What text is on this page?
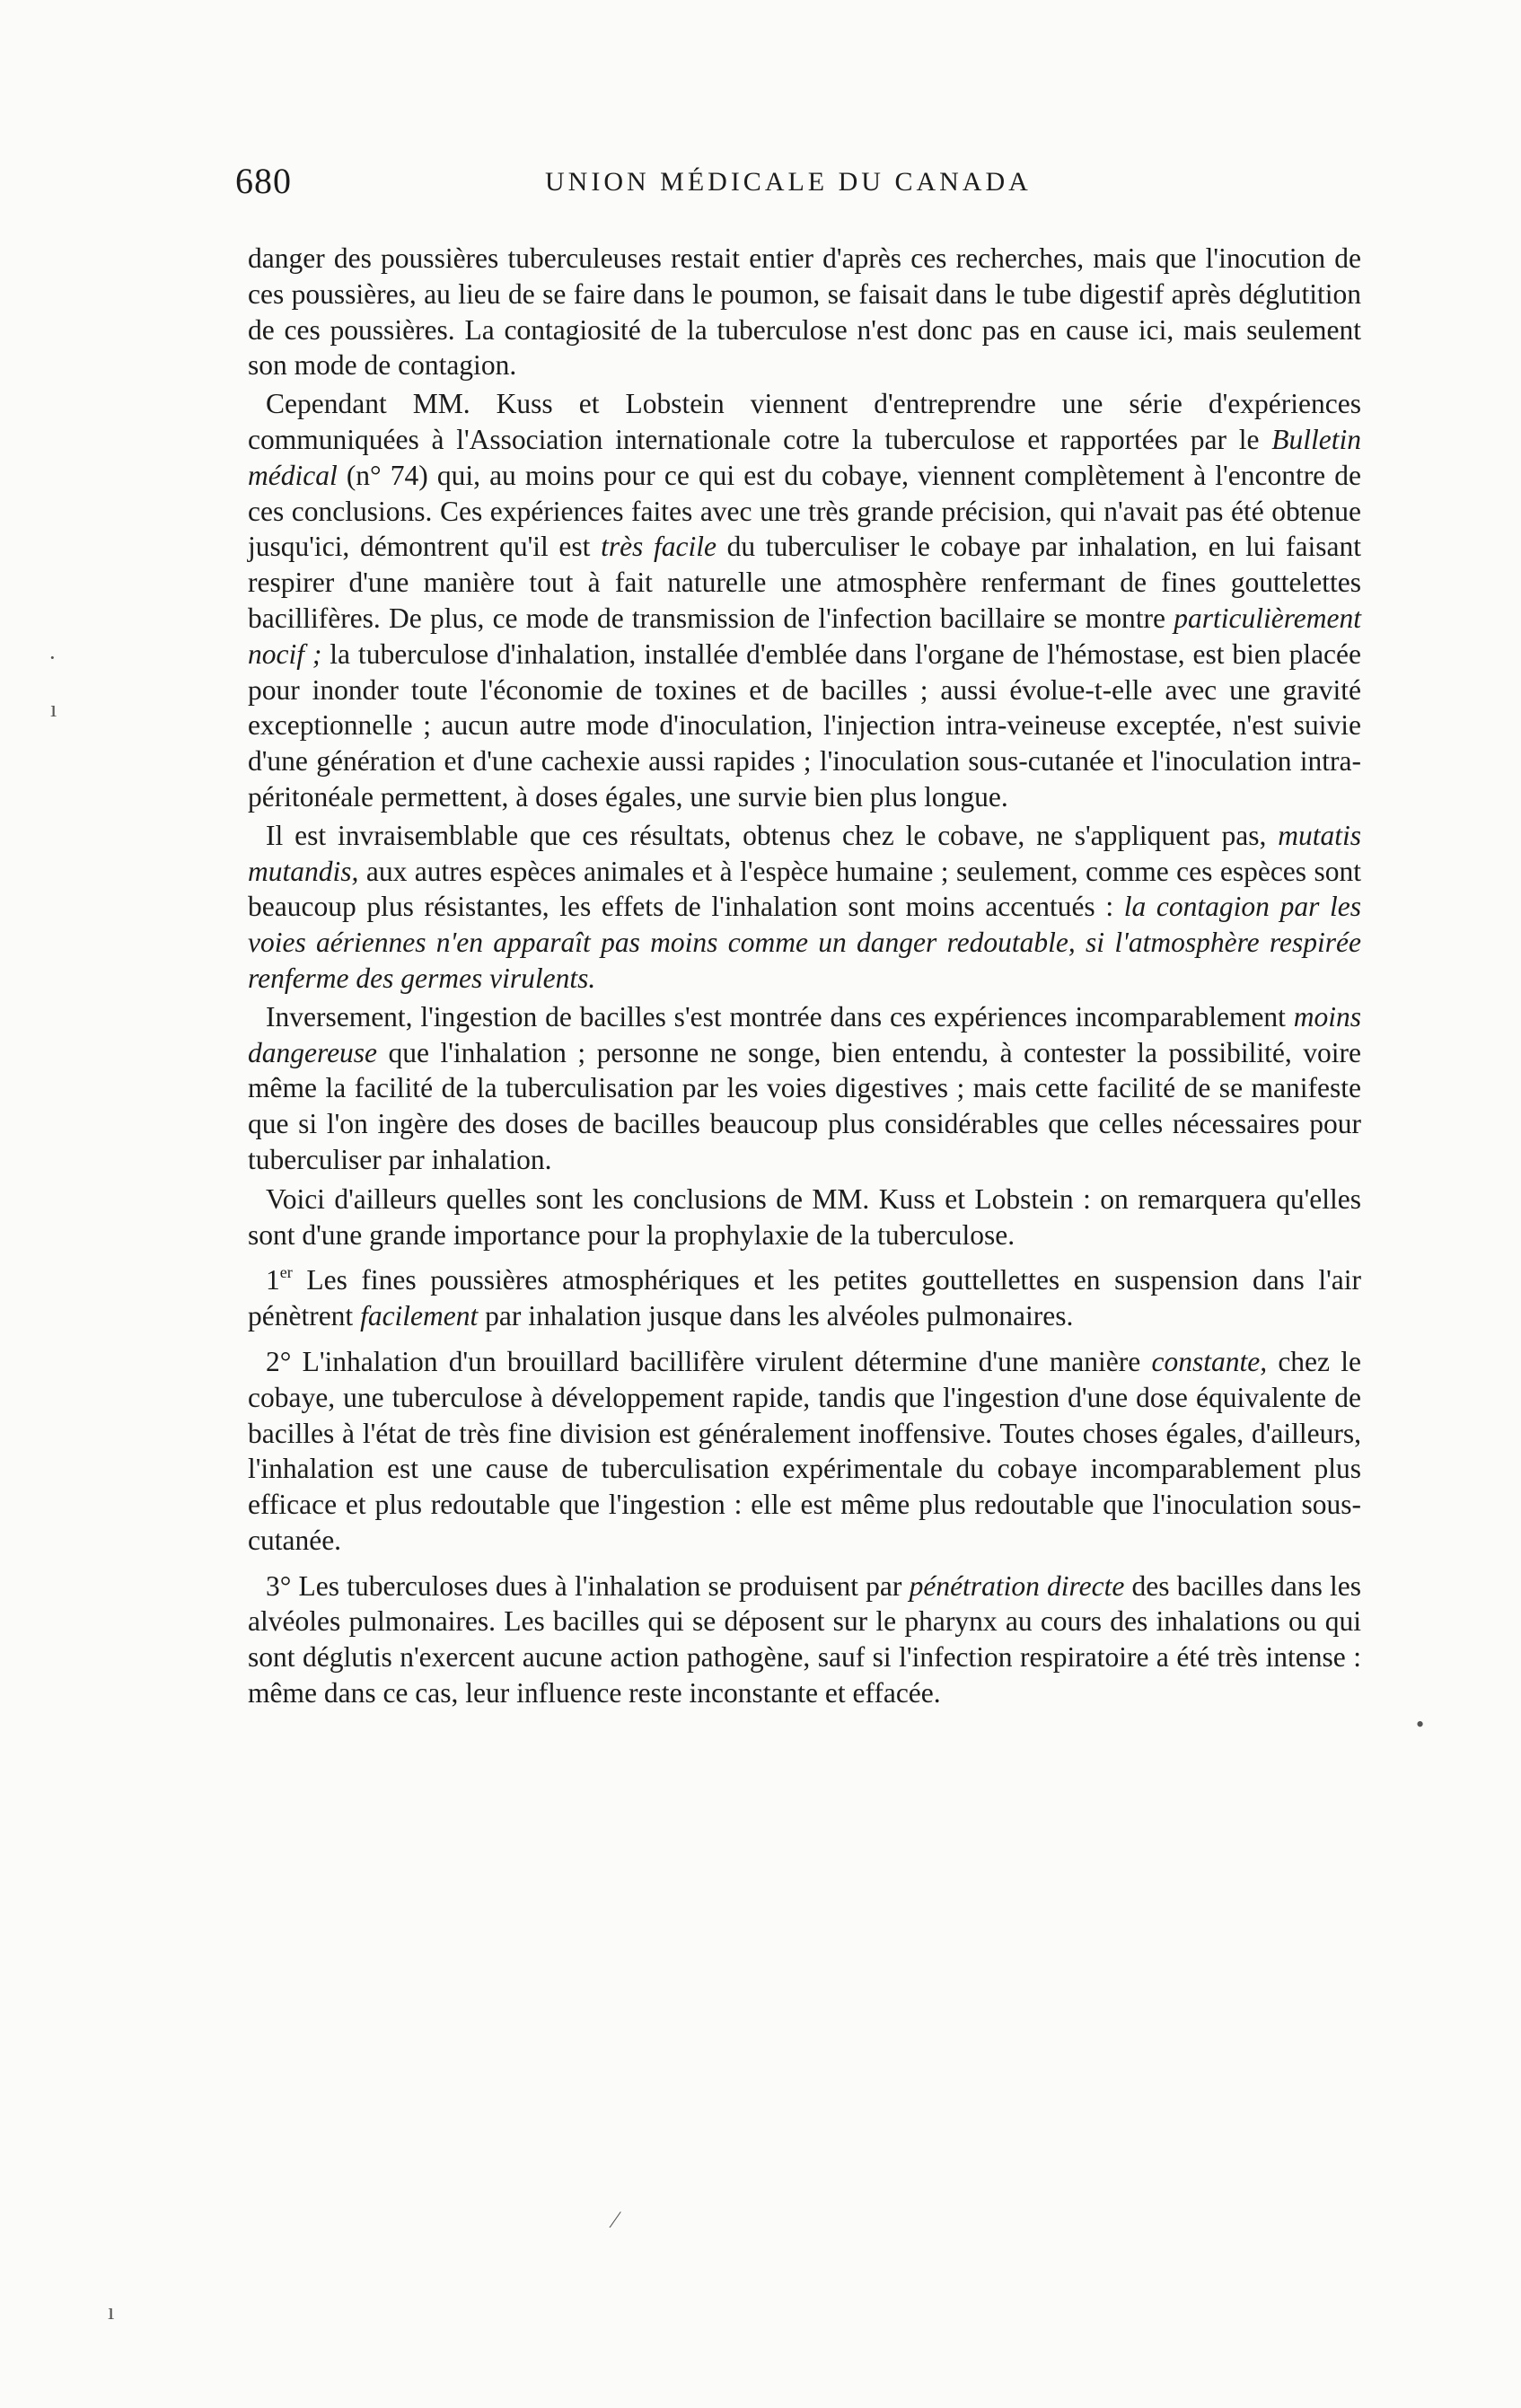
680	UNION MÉDICALE DU CANADA

danger des poussières tuberculeuses restait entier d'après ces recherches, mais que l'inocution de ces poussières, au lieu de se faire dans le poumon, se faisait dans le tube digestif après déglutition de ces poussières. La contagiosité de la tuberculose n'est donc pas en cause ici, mais seulement son mode de contagion.

Cependant MM. Kuss et Lobstein viennent d'entreprendre une série d'expériences communiquées à l'Association internationale cotre la tuberculose et rapportées par le Bulletin médical (n° 74) qui, au moins pour ce qui est du cobaye, viennent complètement à l'encontre de ces conclusions. Ces expériences faites avec une très grande précision, qui n'avait pas été obtenue jusqu'ici, démontrent qu'il est très facile du tuberculiser le cobaye par inhalation, en lui faisant respirer d'une manière tout à fait naturelle une atmosphère renfermant de fines gouttelettes bacillifères. De plus, ce mode de transmission de l'infection bacillaire se montre particulièrement nocif ; la tuberculose d'inhalation, installée d'emblée dans l'organe de l'hémostase, est bien placée pour inonder toute l'économie de toxines et de bacilles ; aussi évolue-t-elle avec une gravité exceptionnelle ; aucun autre mode d'inoculation, l'injection intra-veineuse exceptée, n'est suivie d'une génération et d'une cachexie aussi rapides ; l'inoculation sous-cutanée et l'inoculation intrapéritonéale permettent, à doses égales, une survie bien plus longue.

Il est invraisemblable que ces résultats, obtenus chez le cobave, ne s'appliquent pas, mutatis mutandis, aux autres espèces animales et à l'espèce humaine ; seulement, comme ces espèces sont beaucoup plus résistantes, les effets de l'inhalation sont moins accentués : la contagion par les voies aériennes n'en apparaît pas moins comme un danger redoutable, si l'atmosphère respirée renferme des germes virulents.

Inversement, l'ingestion de bacilles s'est montrée dans ces expériences incomparablement moins dangereuse que l'inhalation ; personne ne songe, bien entendu, à contester la possibilité, voire même la facilité de la tuberculisation par les voies digestives ; mais cette facilité de se manifeste que si l'on ingère des doses de bacilles beaucoup plus considérables que celles nécessaires pour tuberculiser par inhalation.

Voici d'ailleurs quelles sont les conclusions de MM. Kuss et Lobstein : on remarquera qu'elles sont d'une grande importance pour la prophylaxie de la tuberculose.

1er Les fines poussières atmosphériques et les petites gouttellettes en suspension dans l'air pénètrent facilement par inhalation jusque dans les alvéoles pulmonaires.

2° L'inhalation d'un brouillard bacillifère virulent détermine d'une manière constante, chez le cobaye, une tuberculose à développement rapide, tandis que l'ingestion d'une dose équivalente de bacilles à l'état de très fine division est généralement inoffensive. Toutes choses égales, d'ailleurs, l'inhalation est une cause de tuberculisation expérimentale du cobaye incomparablement plus efficace et plus redoutable que l'ingestion : elle est même plus redoutable que l'inoculation sous-cutanée.

3° Les tuberculoses dues à l'inhalation se produisent par pénétration directe des bacilles dans les alvéoles pulmonaires. Les bacilles qui se déposent sur le pharynx au cours des inhalations ou qui sont déglutis n'exercent aucune action pathogène, sauf si l'infection respiratoire a été très intense : même dans ce cas, leur influence reste inconstante et effacée.

·
ı
•
⁄
ı
